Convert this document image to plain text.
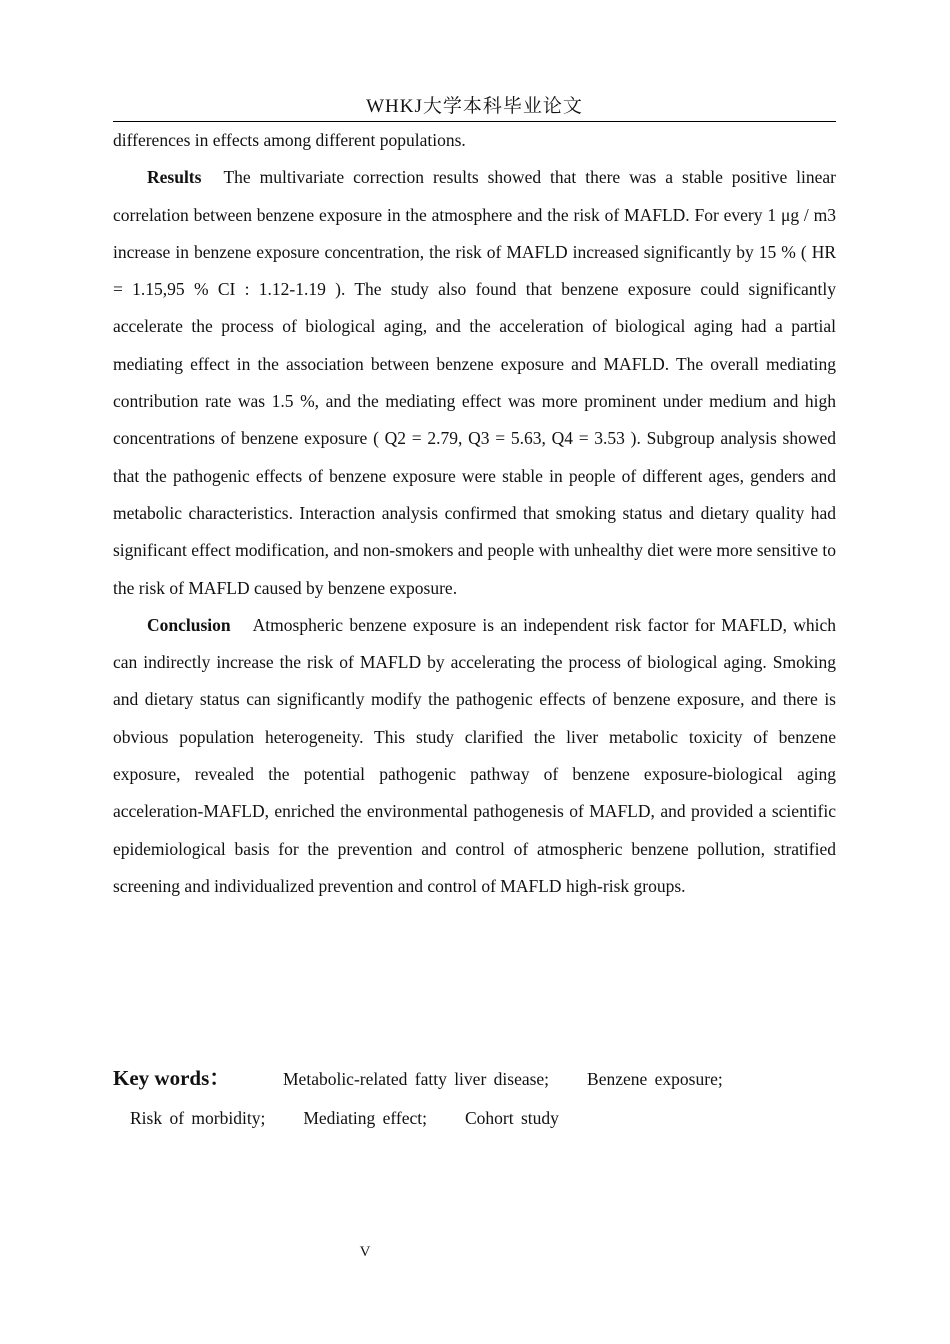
WHKJ大学本科毕业论文

differences in effects among different populations.

Results The multivariate correction results showed that there was a stable positive linear correlation between benzene exposure in the atmosphere and the risk of MAFLD. For every 1 μg / m3 increase in benzene exposure concentration, the risk of MAFLD increased significantly by 15 % ( HR = 1.15,95 % CI : 1.12-1.19 ). The study also found that benzene exposure could significantly accelerate the process of biological aging, and the acceleration of biological aging had a partial mediating effect in the association between benzene exposure and MAFLD. The overall mediating contribution rate was 1.5 %, and the mediating effect was more prominent under medium and high concentrations of benzene exposure ( Q2 = 2.79, Q3 = 5.63, Q4 = 3.53 ). Subgroup analysis showed that the pathogenic effects of benzene exposure were stable in people of different ages, genders and metabolic characteristics. Interaction analysis confirmed that smoking status and dietary quality had significant effect modification, and non-smokers and people with unhealthy diet were more sensitive to the risk of MAFLD caused by benzene exposure.

Conclusion Atmospheric benzene exposure is an independent risk factor for MAFLD, which can indirectly increase the risk of MAFLD by accelerating the process of biological aging. Smoking and dietary status can significantly modify the pathogenic effects of benzene exposure, and there is obvious population heterogeneity. This study clarified the liver metabolic toxicity of benzene exposure, revealed the potential pathogenic pathway of benzene exposure-biological aging acceleration-MAFLD, enriched the environmental pathogenesis of MAFLD, and provided a scientific epidemiological basis for the prevention and control of atmospheric benzene pollution, stratified screening and individualized prevention and control of MAFLD high-risk groups.

Key words：	Metabolic-related fatty liver disease; Benzene exposure;
Risk of morbidity; Mediating effect; Cohort study
V
